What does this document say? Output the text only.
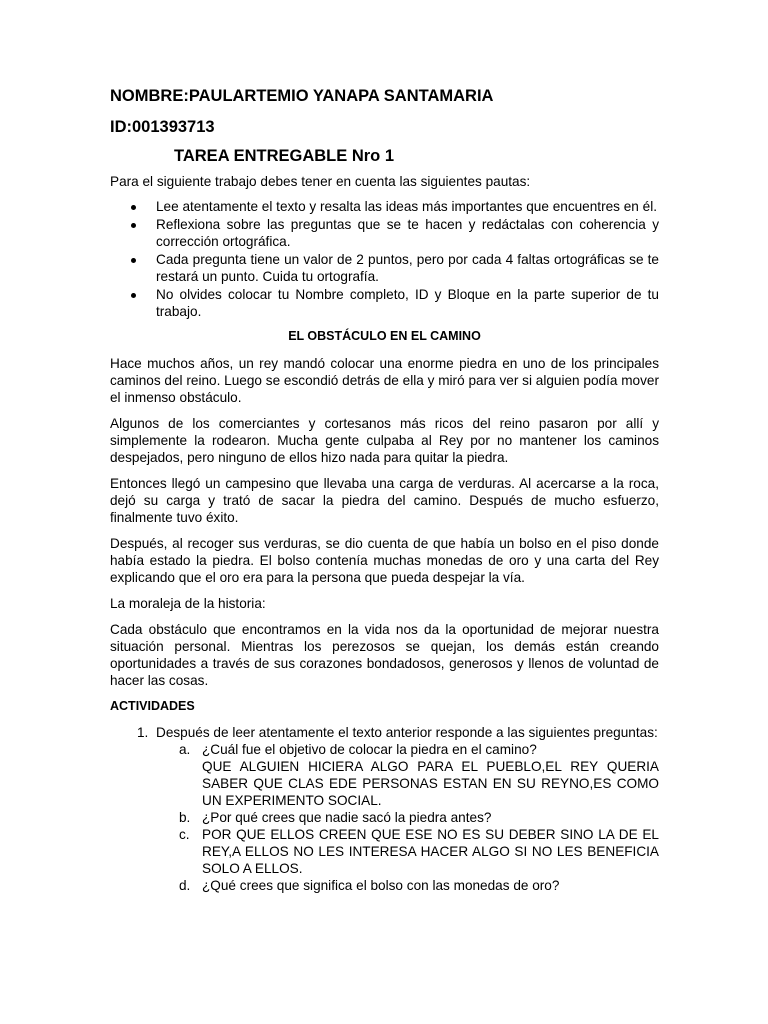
NOMBRE:PAULARTEMIO YANAPA SANTAMARIA
ID:001393713
TAREA ENTREGABLE Nro 1

Para el siguiente trabajo debes tener en cuenta las siguientes pautas:

Lee atentamente el texto y resalta las ideas más importantes que encuentres en él.
Reflexiona sobre las preguntas que se te hacen y redáctalas con coherencia y corrección ortográfica.
Cada pregunta tiene un valor de 2 puntos, pero por cada 4 faltas ortográficas se te restará un punto. Cuida tu ortografía.
No olvides colocar tu Nombre completo, ID y Bloque en la parte superior de tu trabajo.
EL OBSTÁCULO EN EL CAMINO

Hace muchos años, un rey mandó colocar una enorme piedra en uno de los principales caminos del reino. Luego se escondió detrás de ella y miró para ver si alguien podía mover el inmenso obstáculo.

Algunos de los comerciantes y cortesanos más ricos del reino pasaron por allí y simplemente la rodearon. Mucha gente culpaba al Rey por no mantener los caminos despejados, pero ninguno de ellos hizo nada para quitar la piedra.

Entonces llegó un campesino que llevaba una carga de verduras. Al acercarse a la roca, dejó su carga y trató de sacar la piedra del camino. Después de mucho esfuerzo, finalmente tuvo éxito.

Después, al recoger sus verduras, se dio cuenta de que había un bolso en el piso donde había estado la piedra. El bolso contenía muchas monedas de oro y una carta del Rey explicando que el oro era para la persona que pueda despejar la vía.

La moraleja de la historia:

Cada obstáculo que encontramos en la vida nos da la oportunidad de mejorar nuestra situación personal. Mientras los perezosos se quejan, los demás están creando oportunidades a través de sus corazones bondadosos, generosos y llenos de voluntad de hacer las cosas.

ACTIVIDADES
1. Después de leer atentamente el texto anterior responde a las siguientes preguntas:
a. ¿Cuál fue el objetivo de colocar la piedra en el camino?
QUE ALGUIEN HICIERA ALGO PARA EL PUEBLO,EL REY QUERIA SABER QUE CLAS EDE PERSONAS ESTAN EN SU REYNO,ES COMO UN EXPERIMENTO SOCIAL.
b. ¿Por qué crees que nadie sacó la piedra antes?
c. POR QUE ELLOS CREEN QUE ESE NO ES SU DEBER SINO LA DE EL REY,A ELLOS NO LES INTERESA HACER ALGO SI NO LES BENEFICIA SOLO A ELLOS.
d. ¿Qué crees que significa el bolso con las monedas de oro?
